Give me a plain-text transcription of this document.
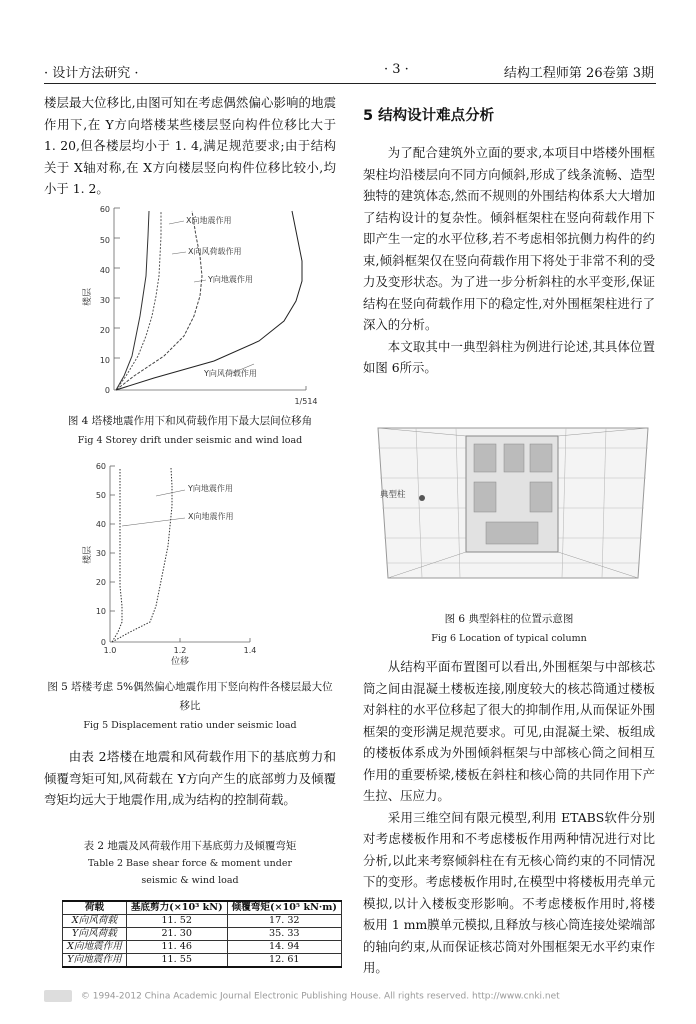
· 设计方法研究 ·	· 3 ·	结构工程师第 26卷第 3期

楼层最大位移比,由图可知在考虑偶然偏心影响的地震作用下,在 Y方向塔楼某些楼层竖向构件位移比大于 1. 20,但各楼层均小于 1. 4,满足规范要求;由于结构关于 X轴对称,在 X方向楼层竖向构件位移比较小,均小于 1. 2。

0
10
20
30
40
50
60
楼层
1/514
X向地震作用
X向风荷载作用
Y向地震作用
Y向风荷载作用
图 4 塔楼地震作用下和风荷载作用下最大层间位移角
Fig 4 Storey drift under seismic and wind load
0
10
20
30
40
50
60
1.0	1.2	1.4
位移
楼层
Y向地震作用
X向地震作用
图 5 塔楼考虑 5%偶然偏心地震作用下竖向构件各楼层最大位移比
Fig 5 Displacement ratio under seismic load

由表 2塔楼在地震和风荷载作用下的基底剪力和倾覆弯矩可知,风荷载在 Y方向产生的底部剪力及倾覆弯矩均远大于地震作用,成为结构的控制荷载。

表 2 地震及风荷载作用下基底剪力及倾覆弯矩
Table 2 Base shear force & moment under
seismic & wind load
荷载	基底剪力(×10³ kN)	倾覆弯矩(×10⁵ kN·m)
X向风荷载	11. 52	17. 32
Y向风荷载	21. 30	35. 33
X向地震作用	11. 46	14. 94
Y向地震作用	11. 55	12. 61
5 结构设计难点分析

为了配合建筑外立面的要求,本项目中塔楼外围框架柱均沿楼层向不同方向倾斜,形成了线条流畅、造型独特的建筑体态,然而不规则的外围结构体系大大增加了结构设计的复杂性。倾斜框架柱在竖向荷载作用下即产生一定的水平位移,若不考虑相邻抗侧力构件的约束,倾斜框架仅在竖向荷载作用下将处于非常不利的受力及变形状态。为了进一步分析斜柱的水平变形,保证结构在竖向荷载作用下的稳定性,对外围框架柱进行了深入的分析。

本文取其中一典型斜柱为例进行论述,其具体位置如图 6所示。

典型柱
图 6 典型斜柱的位置示意图
Fig 6 Location of typical column

从结构平面布置图可以看出,外围框架与中部核芯筒之间由混凝土楼板连接,刚度较大的核芯筒通过楼板对斜柱的水平位移起了很大的抑制作用,从而保证外围框架的变形满足规范要求。可见,由混凝土梁、板组成的楼板体系成为外围倾斜框架与中部核心筒之间相互作用的重要桥梁,楼板在斜柱和核心筒的共同作用下产生拉、压应力。

采用三维空间有限元模型,利用 ETABS软件分别对考虑楼板作用和不考虑楼板作用两种情况进行对比分析,以此来考察倾斜柱在有无核心筒约束的不同情况下的变形。考虑楼板作用时,在模型中将楼板用壳单元模拟,以计入楼板变形影响。不考虑楼板作用时,将楼板用 1 mm膜单元模拟,且释放与核心筒连接处梁端部的轴向约束,从而保证核芯筒对外围框架无水平约束作用。

© 1994-2012 China Academic Journal Electronic Publishing House. All rights reserved. http://www.cnki.net
